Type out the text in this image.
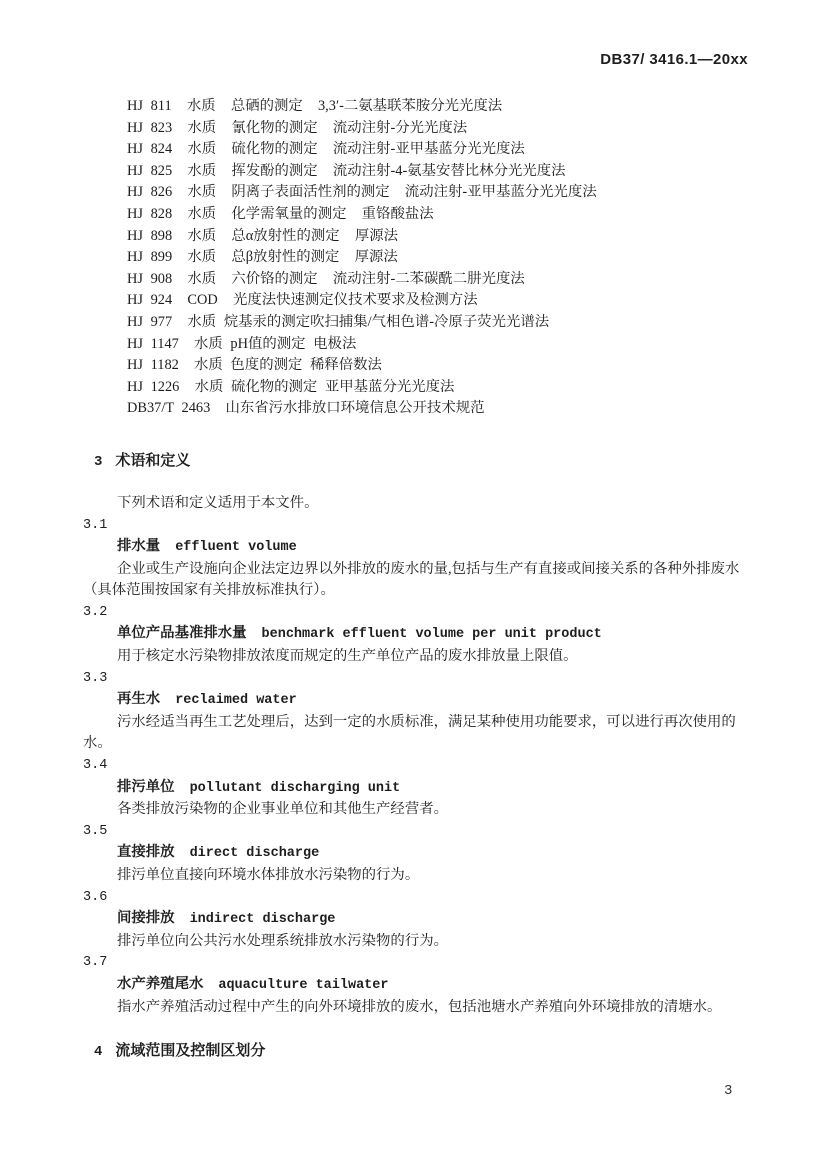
DB37/ 3416.1—20xx
HJ 811  水质  总硒的测定  3,3′-二氨基联苯胺分光光度法
HJ 823  水质  氰化物的测定  流动注射-分光光度法
HJ 824  水质  硫化物的测定  流动注射-亚甲基蓝分光光度法
HJ 825  水质  挥发酚的测定  流动注射-4-氨基安替比林分光光度法
HJ 826  水质  阴离子表面活性剂的测定  流动注射-亚甲基蓝分光光度法
HJ 828  水质  化学需氧量的测定  重铬酸盐法
HJ 898  水质  总α放射性的测定  厚源法
HJ 899  水质  总β放射性的测定  厚源法
HJ 908  水质  六价铬的测定  流动注射-二苯碳酰二肼光度法
HJ 924  COD  光度法快速测定仪技术要求及检测方法
HJ 977  水质 烷基汞的测定吹扫捕集/气相色谱-冷原子荧光光谱法
HJ 1147  水质 pH值的测定 电极法
HJ 1182  水质 色度的测定 稀释倍数法
HJ 1226  水质 硫化物的测定 亚甲基蓝分光光度法
DB37/T 2463  山东省污水排放口环境信息公开技术规范
3 术语和定义

下列术语和定义适用于本文件。

3.1
排水量 effluent volume

企业或生产设施向企业法定边界以外排放的废水的量,包括与生产有直接或间接关系的各种外排废水（具体范围按国家有关排放标准执行）。

3.2
单位产品基准排水量 benchmark effluent volume per unit product

用于核定水污染物排放浓度而规定的生产单位产品的废水排放量上限值。

3.3
再生水 reclaimed water

污水经适当再生工艺处理后，达到一定的水质标准，满足某种使用功能要求，可以进行再次使用的水。

3.4
排污单位 pollutant discharging unit

各类排放污染物的企业事业单位和其他生产经营者。

3.5
直接排放 direct discharge

排污单位直接向环境水体排放水污染物的行为。

3.6
间接排放 indirect discharge

排污单位向公共污水处理系统排放水污染物的行为。

3.7
水产养殖尾水 aquaculture tailwater

指水产养殖活动过程中产生的向外环境排放的废水，包括池塘水产养殖向外环境排放的清塘水。

4 流域范围及控制区划分
3
